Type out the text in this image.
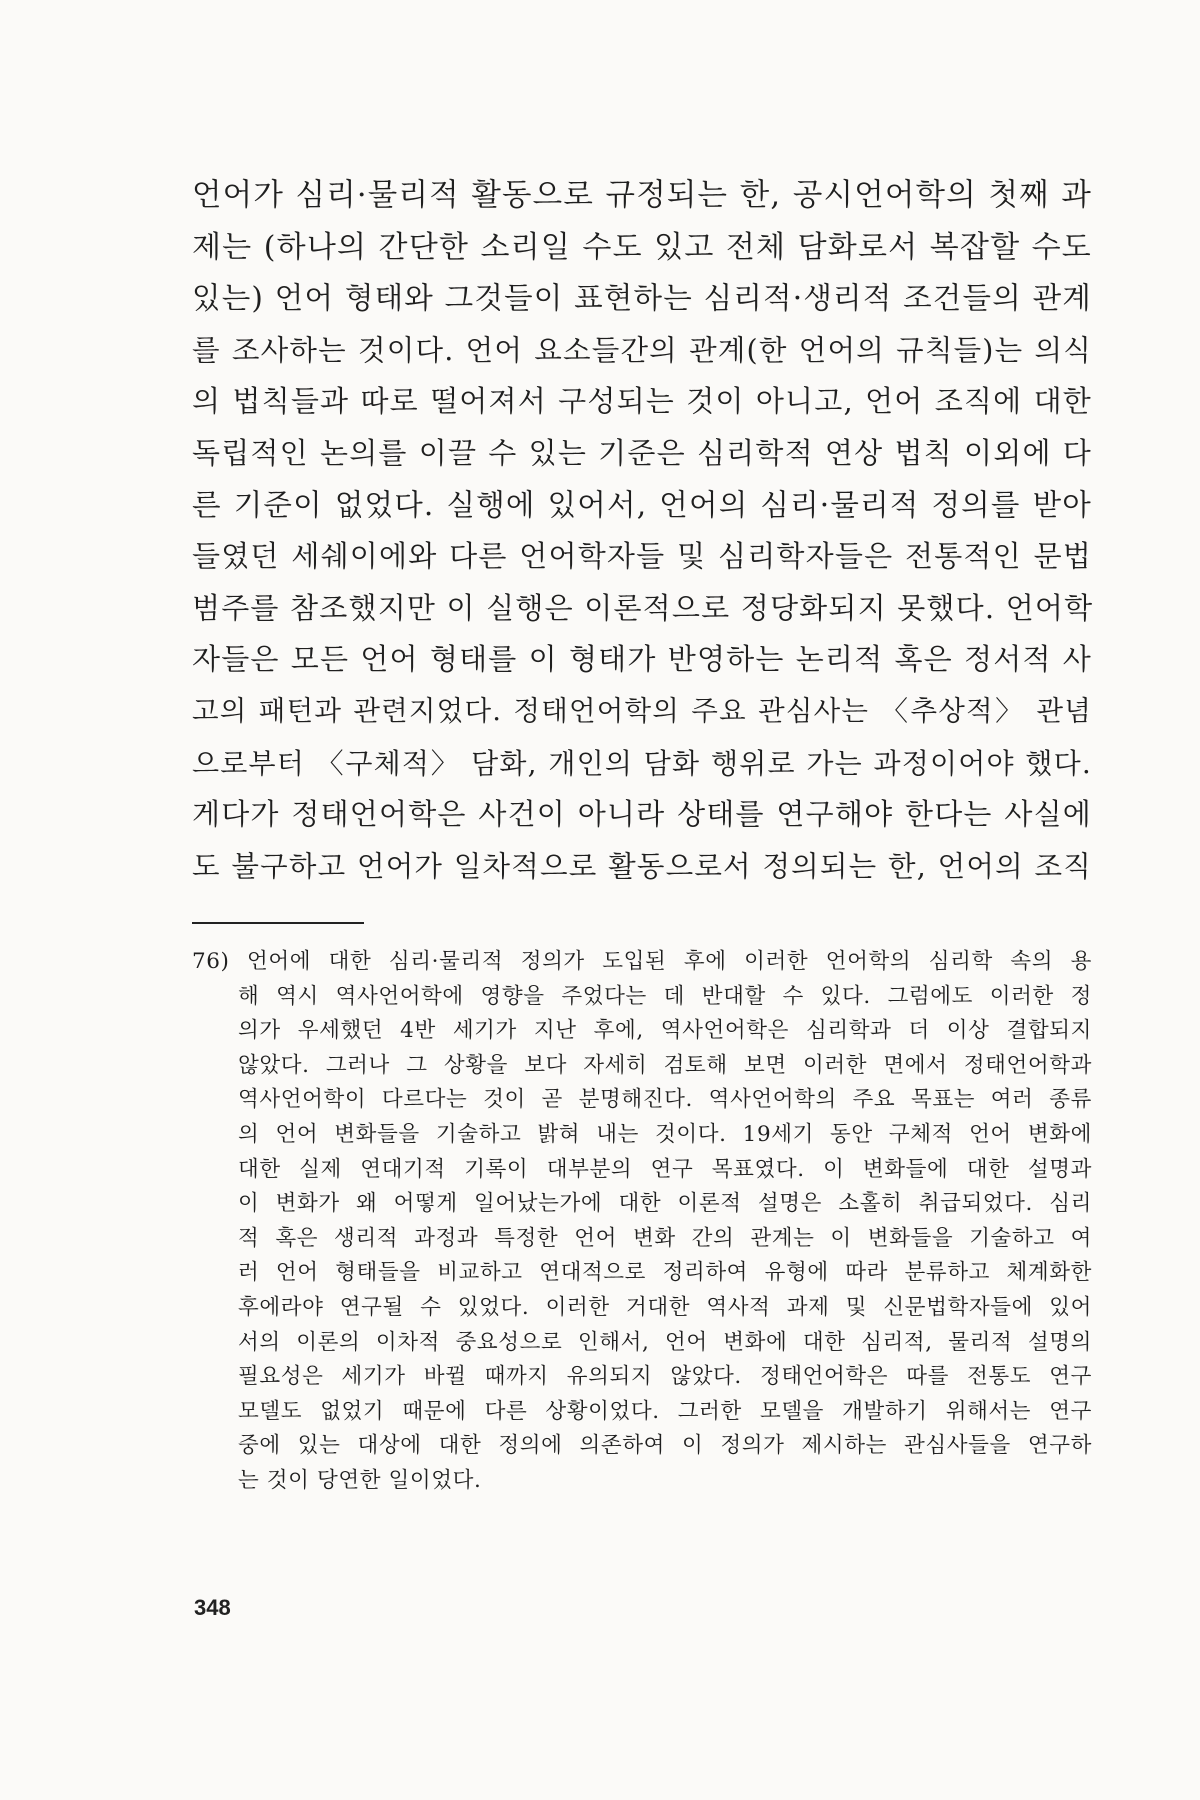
언어가 심리·물리적 활동으로 규정되는 한, 공시언어학의 첫째 과
제는 (하나의 간단한 소리일 수도 있고 전체 담화로서 복잡할 수도
있는) 언어 형태와 그것들이 표현하는 심리적·생리적 조건들의 관계
를 조사하는 것이다. 언어 요소들간의 관계(한 언어의 규칙들)는 의식
의 법칙들과 따로 떨어져서 구성되는 것이 아니고, 언어 조직에 대한
독립적인 논의를 이끌 수 있는 기준은 심리학적 연상 법칙 이외에 다
른 기준이 없었다. 실행에 있어서, 언어의 심리·물리적 정의를 받아
들였던 세쉐이에와 다른 언어학자들 및 심리학자들은 전통적인 문법
범주를 참조했지만 이 실행은 이론적으로 정당화되지 못했다. 언어학
자들은 모든 언어 형태를 이 형태가 반영하는 논리적 혹은 정서적 사
고의 패턴과 관련지었다. 정태언어학의 주요 관심사는 〈추상적〉 관념
으로부터 〈구체적〉 담화, 개인의 담화 행위로 가는 과정이어야 했다.
게다가 정태언어학은 사건이 아니라 상태를 연구해야 한다는 사실에
도 불구하고 언어가 일차적으로 활동으로서 정의되는 한, 언어의 조직
76) 언어에 대한 심리·물리적 정의가 도입된 후에 이러한 언어학의 심리학 속의 용
해 역시 역사언어학에 영향을 주었다는 데 반대할 수 있다. 그럼에도 이러한 정
의가 우세했던 4반 세기가 지난 후에, 역사언어학은 심리학과 더 이상 결합되지
않았다. 그러나 그 상황을 보다 자세히 검토해 보면 이러한 면에서 정태언어학과
역사언어학이 다르다는 것이 곧 분명해진다. 역사언어학의 주요 목표는 여러 종류
의 언어 변화들을 기술하고 밝혀 내는 것이다. 19세기 동안 구체적 언어 변화에
대한 실제 연대기적 기록이 대부분의 연구 목표였다. 이 변화들에 대한 설명과
이 변화가 왜 어떻게 일어났는가에 대한 이론적 설명은 소홀히 취급되었다. 심리
적 혹은 생리적 과정과 특정한 언어 변화 간의 관계는 이 변화들을 기술하고 여
러 언어 형태들을 비교하고 연대적으로 정리하여 유형에 따라 분류하고 체계화한
후에라야 연구될 수 있었다. 이러한 거대한 역사적 과제 및 신문법학자들에 있어
서의 이론의 이차적 중요성으로 인해서, 언어 변화에 대한 심리적, 물리적 설명의
필요성은 세기가 바뀔 때까지 유의되지 않았다. 정태언어학은 따를 전통도 연구
모델도 없었기 때문에 다른 상황이었다. 그러한 모델을 개발하기 위해서는 연구
중에 있는 대상에 대한 정의에 의존하여 이 정의가 제시하는 관심사들을 연구하
는 것이 당연한 일이었다.
348
